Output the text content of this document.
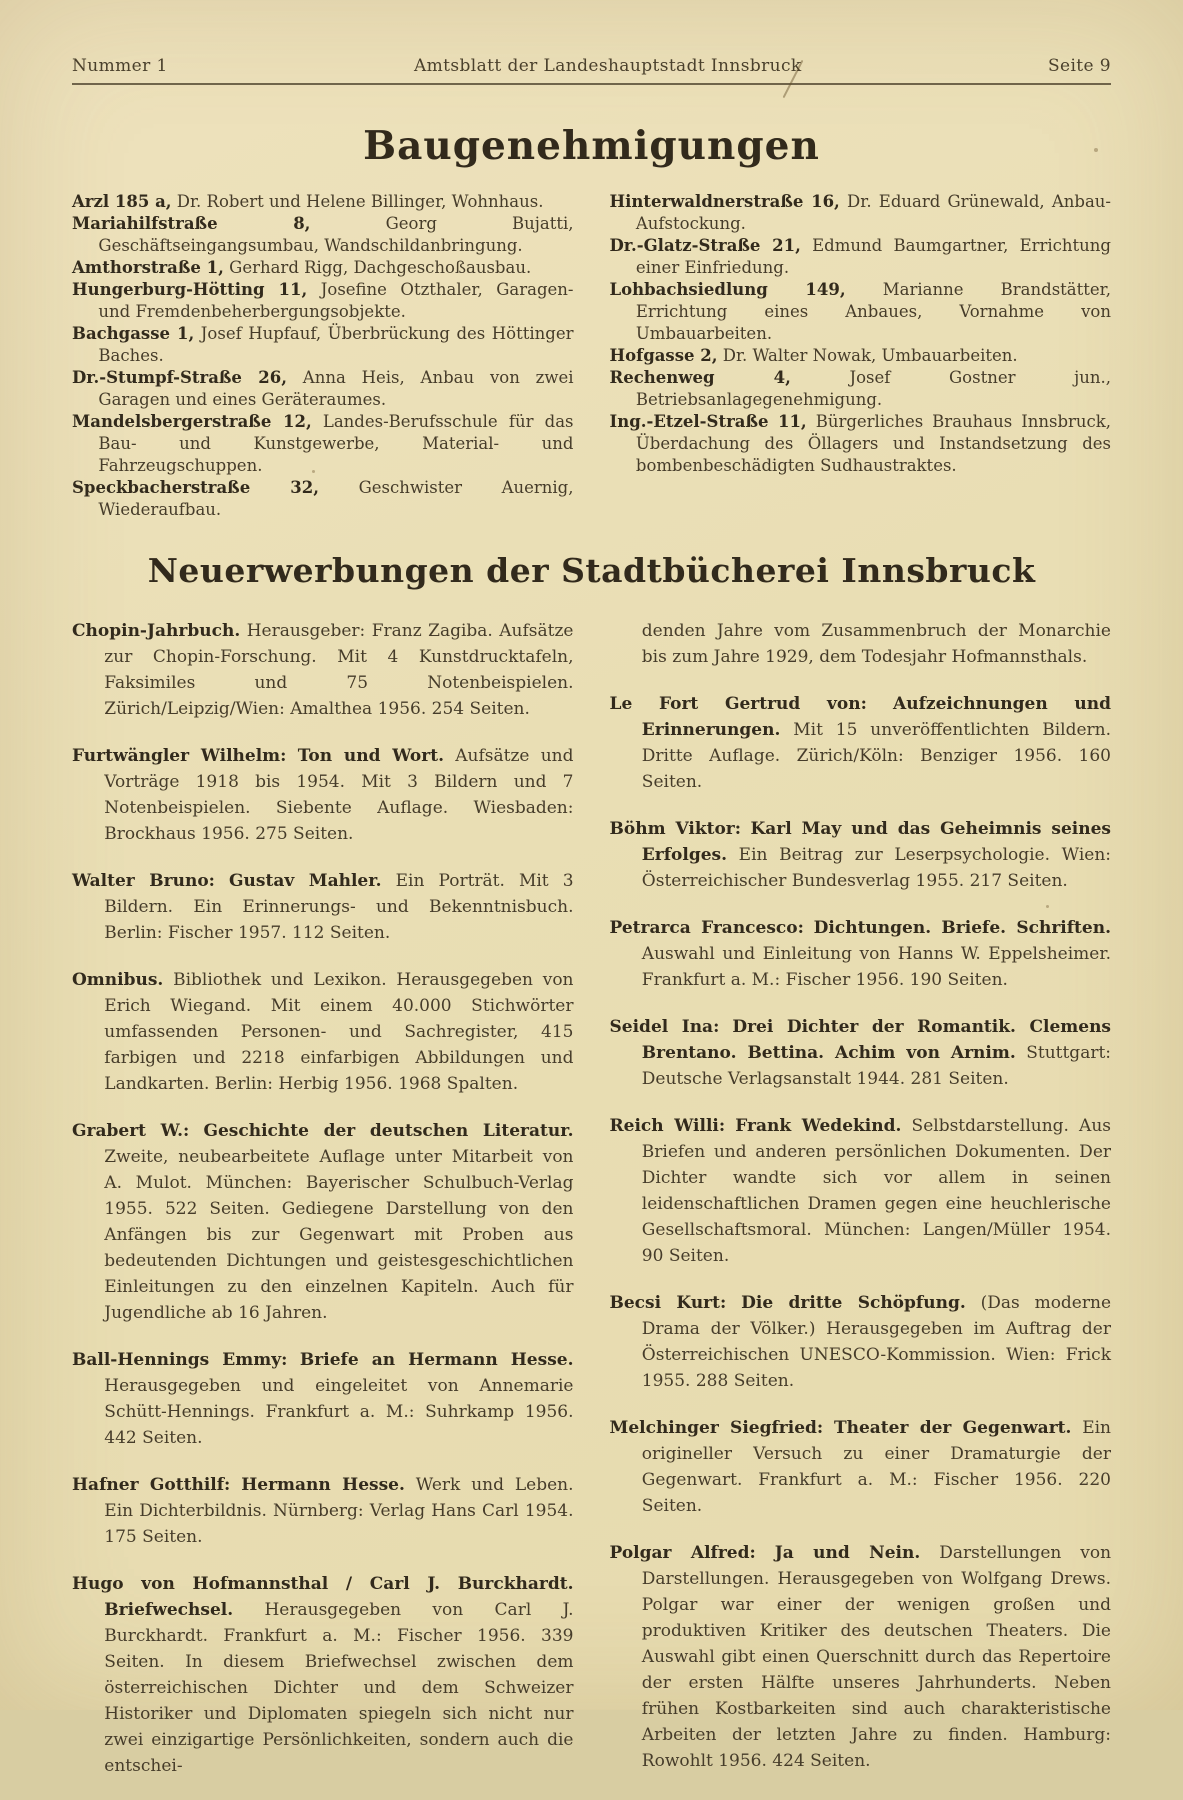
Nummer 1	Amtsblatt der Landeshauptstadt Innsbruck	Seite 9
Baugenehmigungen

Arzl 185 a, Dr. Robert und Helene Billinger, Wohnhaus.

Mariahilfstraße 8,	Georg Bujatti, Geschäftseingangsumbau, Wandschildanbringung.

Amthorstraße 1, Gerhard Rigg, Dachgeschoßausbau.

Hungerburg-Hötting 11, Josefine Otzthaler, Garagen- und Fremdenbeherbergungsobjekte.

Bachgasse 1, Josef Hupfauf, Überbrückung des Höttinger Baches.

Dr.-Stumpf-Straße 26, Anna Heis, Anbau von zwei Garagen und eines Geräteraumes.

Mandelsbergerstraße 12, Landes-Berufsschule für das Bau- und Kunstgewerbe, Material- und Fahrzeugschuppen.

Speckbacherstraße 32, Geschwister Auernig, Wiederaufbau.

Hinterwaldnerstraße 16, Dr. Eduard Grünewald, Anbau-Aufstockung.

Dr.-Glatz-Straße 21, Edmund Baumgartner, Errichtung einer Einfriedung.

Lohbachsiedlung 149, Marianne Brandstätter, Errichtung eines Anbaues, Vornahme von Umbauarbeiten.

Hofgasse 2, Dr. Walter Nowak, Umbauarbeiten.

Rechenweg 4,	Josef Gostner jun., Betriebsanlagegenehmigung.

Ing.-Etzel-Straße 11, Bürgerliches Brauhaus Innsbruck, Überdachung des Öllagers und Instandsetzung des bombenbeschädigten Sudhaustraktes.

Neuerwerbungen der Stadtbücherei Innsbruck

Chopin-Jahrbuch. Herausgeber: Franz Zagiba. Aufsätze zur Chopin-Forschung. Mit 4 Kunstdrucktafeln, Faksimiles und 75 Notenbeispielen. Zürich/Leipzig/Wien: Amalthea 1956. 254 Seiten.

Furtwängler Wilhelm: Ton und Wort. Aufsätze und Vorträge 1918 bis 1954. Mit 3 Bildern und 7 Notenbeispielen. Siebente Auflage. Wiesbaden: Brockhaus 1956. 275 Seiten.

Walter Bruno: Gustav Mahler. Ein Porträt. Mit 3 Bildern. Ein Erinnerungs- und Bekenntnisbuch. Berlin: Fischer 1957. 112 Seiten.

Omnibus. Bibliothek und Lexikon. Herausgegeben von Erich Wiegand. Mit einem 40.000 Stichwörter umfassenden Personen- und Sachregister, 415 farbigen und 2218 einfarbigen Abbildungen und Landkarten. Berlin: Herbig 1956. 1968 Spalten.

Grabert W.: Geschichte der deutschen Literatur. Zweite, neubearbeitete Auflage unter Mitarbeit von A. Mulot. München: Bayerischer Schulbuch-Verlag 1955. 522 Seiten. Gediegene Darstellung von den Anfängen bis zur Gegenwart mit Proben aus bedeutenden Dichtungen und geistesgeschichtlichen Einleitungen zu den einzelnen Kapiteln. Auch für Jugendliche ab 16 Jahren.

Ball-Hennings Emmy: Briefe an Hermann Hesse. Herausgegeben und eingeleitet von Annemarie Schütt-Hennings. Frankfurt a. M.: Suhrkamp 1956. 442 Seiten.

Hafner Gotthilf: Hermann Hesse. Werk und Leben. Ein Dichterbildnis. Nürnberg: Verlag Hans Carl 1954. 175 Seiten.

Hugo von Hofmannsthal / Carl J. Burckhardt. Briefwechsel. Herausgegeben von Carl J. Burckhardt. Frankfurt a. M.: Fischer 1956. 339 Seiten. In diesem Briefwechsel zwischen dem österreichischen Dichter und dem Schweizer Historiker und Diplomaten spiegeln sich nicht nur zwei einzigartige Persönlichkeiten, sondern auch die entschei-

denden Jahre vom Zusammenbruch der Monarchie bis zum Jahre 1929, dem Todesjahr Hofmannsthals.

Le Fort Gertrud von: Aufzeichnungen und Erinnerungen. Mit 15 unveröffentlichten Bildern. Dritte Auflage. Zürich/Köln: Benziger 1956. 160 Seiten.

Böhm Viktor: Karl May und das Geheimnis seines Erfolges. Ein Beitrag zur Leserpsychologie. Wien: Österreichischer Bundesverlag 1955. 217 Seiten.

Petrarca Francesco: Dichtungen. Briefe. Schriften. Auswahl und Einleitung von Hanns W. Eppelsheimer. Frankfurt a. M.: Fischer 1956. 190 Seiten.

Seidel Ina: Drei Dichter der Romantik. Clemens Brentano. Bettina. Achim von Arnim. Stuttgart: Deutsche Verlagsanstalt 1944. 281 Seiten.

Reich Willi: Frank Wedekind. Selbstdarstellung. Aus Briefen und anderen persönlichen Dokumenten. Der Dichter wandte sich vor allem in seinen leidenschaftlichen Dramen gegen eine heuchlerische Gesellschaftsmoral. München: Langen/Müller 1954. 90 Seiten.

Becsi Kurt: Die dritte Schöpfung. (Das moderne Drama der Völker.) Herausgegeben im Auftrag der Österreichischen UNESCO-Kommission. Wien: Frick 1955. 288 Seiten.

Melchinger Siegfried: Theater der Gegenwart. Ein origineller Versuch zu einer Dramaturgie der Gegenwart. Frankfurt a. M.: Fischer 1956. 220 Seiten.

Polgar Alfred: Ja und Nein. Darstellungen von Darstellungen. Herausgegeben von Wolfgang Drews. Polgar war einer der wenigen großen und produktiven Kritiker des deutschen Theaters. Die Auswahl gibt einen Querschnitt durch das Repertoire der ersten Hälfte unseres Jahrhunderts. Neben frühen Kostbarkeiten sind auch charakteristische Arbeiten der letzten Jahre zu finden. Hamburg: Rowohlt 1956. 424 Seiten.
